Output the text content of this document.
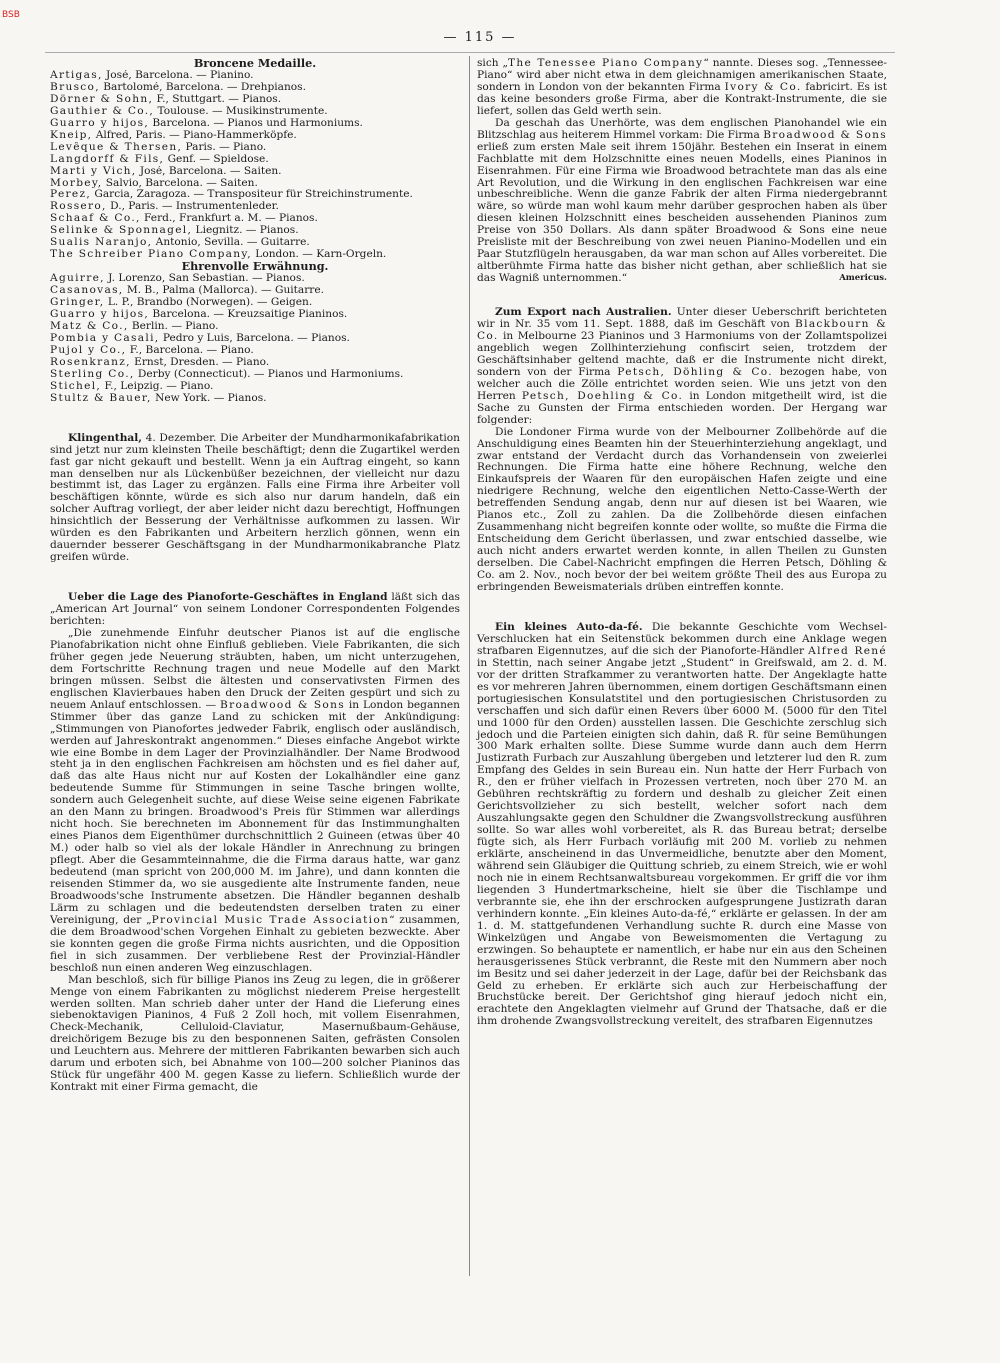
BSB
— 115 —
Broncene Medaille.
Artigas, José, Barcelona. — Pianino.
Brusco, Bartolomé, Barcelona. — Drehpianos.
Dörner & Sohn, F., Stuttgart. — Pianos.
Gauthier & Co., Toulouse. — Musikinstrumente.
Guarro y hijos, Barcelona. — Pianos und Harmoniums.
Kneip, Alfred, Paris. — Piano-Hammerköpfe.
Levêque & Thersen, Paris. — Piano.
Langdorff & Fils, Genf. — Spieldose.
Marti y Vich, José, Barcelona. — Saiten.
Morbey, Salvio, Barcelona. — Saiten.
Perez, Garcia, Zaragoza. — Transpositeur für Streichinstrumente.
Rossero, D., Paris. — Instrumentenleder.
Schaaf & Co., Ferd., Frankfurt a. M. — Pianos.
Selinke & Sponnagel, Liegnitz. — Pianos.
Sualis Naranjo, Antonio, Sevilla. — Guitarre.
The Schreiber Piano Company, London. — Karn-Orgeln.
Ehrenvolle Erwähnung.
Aguirre, J. Lorenzo, San Sebastian. — Pianos.
Casanovas, M. B., Palma (Mallorca). — Guitarre.
Gringer, L. P., Brandbo (Norwegen). — Geigen.
Guarro y hijos, Barcelona. — Kreuzsaitige Pianinos.
Matz & Co., Berlin. — Piano.
Pombia y Casali, Pedro y Luis, Barcelona. — Pianos.
Pujol y Co., F., Barcelona. — Piano.
Rosenkranz, Ernst, Dresden. — Piano.
Sterling Co., Derby (Connecticut). — Pianos und Harmoniums.
Stichel, F., Leipzig. — Piano.
Stultz & Bauer, New York. — Pianos.

Klingenthal, 4. Dezember. Die Arbeiter der Mundharmonikafabrikation sind jetzt nur zum kleinsten Theile beschäftigt; denn die Zugartikel werden fast gar nicht gekauft und bestellt. Wenn ja ein Auftrag eingeht, so kann man denselben nur als Lückenbüßer bezeichnen, der vielleicht nur dazu bestimmt ist, das Lager zu ergänzen. Falls eine Firma ihre Arbeiter voll beschäftigen könnte, würde es sich also nur darum handeln, daß ein solcher Auftrag vorliegt, der aber leider nicht dazu berechtigt, Hoffnungen hinsichtlich der Besserung der Verhältnisse aufkommen zu lassen. Wir würden es den Fabrikanten und Arbeitern herzlich gönnen, wenn ein dauernder besserer Geschäftsgang in der Mundharmonikabranche Platz greifen würde.

Ueber die Lage des Pianoforte-Geschäftes in England läßt sich das „American Art Journal“ von seinem Londoner Correspondenten Folgendes berichten:

„Die zunehmende Einfuhr deutscher Pianos ist auf die englische Pianofabrikation nicht ohne Einfluß geblieben. Viele Fabrikanten, die sich früher gegen jede Neuerung sträubten, haben, um nicht unterzugehen, dem Fortschritte Rechnung tragen und neue Modelle auf den Markt bringen müssen. Selbst die ältesten und conservativsten Firmen des englischen Klavierbaues haben den Druck der Zeiten gespürt und sich zu neuem Anlauf entschlossen. — Broadwood & Sons in London begannen Stimmer über das ganze Land zu schicken mit der Ankündigung: „Stimmungen von Pianofortes jedweder Fabrik, englisch oder ausländisch, werden auf Jahreskontrakt angenommen.“ Dieses einfache Angebot wirkte wie eine Bombe in dem Lager der Provinzialhändler. Der Name Brodwood steht ja in den englischen Fachkreisen am höchsten und es fiel daher auf, daß das alte Haus nicht nur auf Kosten der Lokalhändler eine ganz bedeutende Summe für Stimmungen in seine Tasche bringen wollte, sondern auch Gelegenheit suchte, auf diese Weise seine eigenen Fabrikate an den Mann zu bringen. Broadwood's Preis für Stimmen war allerdings nicht hoch. Sie berechneten im Abonnement für das Instimmunghalten eines Pianos dem Eigenthümer durchschnittlich 2 Guineen (etwas über 40 M.) oder halb so viel als der lokale Händler in Anrechnung zu bringen pflegt. Aber die Gesammteinnahme, die die Firma daraus hatte, war ganz bedeutend (man spricht von 200,000 M. im Jahre), und dann konnten die reisenden Stimmer da, wo sie ausgediente alte Instrumente fanden, neue Broadwoods'sche Instrumente absetzen. Die Händler begannen deshalb Lärm zu schlagen und die bedeutendsten derselben traten zu einer Vereinigung, der „Provincial Music Trade Association“ zusammen, die dem Broadwood'schen Vorgehen Einhalt zu gebieten bezweckte. Aber sie konnten gegen die große Firma nichts ausrichten, und die Opposition fiel in sich zusammen. Der verbliebene Rest der Provinzial-Händler beschloß nun einen anderen Weg einzuschlagen.

Man beschloß, sich für billige Pianos ins Zeug zu legen, die in größerer Menge von einem Fabrikanten zu möglichst niederem Preise hergestellt werden sollten. Man schrieb daher unter der Hand die Lieferung eines siebenoktavigen Pianinos, 4 Fuß 2 Zoll hoch, mit vollem Eisenrahmen, Check-Mechanik, Celluloid-Claviatur, Masernußbaum-Gehäuse, dreichörigem Bezuge bis zu den besponnenen Saiten, gefrästen Consolen und Leuchtern aus. Mehrere der mittleren Fabrikanten bewarben sich auch darum und erboten sich, bei Abnahme von 100—200 solcher Pianinos das Stück für ungefähr 400 M. gegen Kasse zu liefern. Schließlich wurde der Kontrakt mit einer Firma gemacht, die

sich „The Tenessee Piano Company“ nannte. Dieses sog. „Tennessee-Piano“ wird aber nicht etwa in dem gleichnamigen amerikanischen Staate, sondern in London von der bekannten Firma Ivory & Co. fabricirt. Es ist das keine besonders große Firma, aber die Kontrakt-Instrumente, die sie liefert, sollen das Geld werth sein.

Da geschah das Unerhörte, was dem englischen Pianohandel wie ein Blitzschlag aus heiterem Himmel vorkam: Die Firma Broadwood & Sons erließ zum ersten Male seit ihrem 150jähr. Bestehen ein Inserat in einem Fachblatte mit dem Holzschnitte eines neuen Modells, eines Pianinos in Eisenrahmen. Für eine Firma wie Broadwood betrachtete man das als eine Art Revolution, und die Wirkung in den englischen Fachkreisen war eine unbeschreibliche. Wenn die ganze Fabrik der alten Firma niedergebrannt wäre, so würde man wohl kaum mehr darüber gesprochen haben als über diesen kleinen Holzschnitt eines bescheiden aussehenden Pianinos zum Preise von 350 Dollars. Als dann später Broadwood & Sons eine neue Preisliste mit der Beschreibung von zwei neuen Pianino-Modellen und ein Paar Stutzflügeln herausgaben, da war man schon auf Alles vorbereitet. Die altberühmte Firma hatte das bisher nicht gethan, aber schließlich hat sie das Wagniß unternommen.“	Americus.

Zum Export nach Australien. Unter dieser Ueberschrift berichteten wir in Nr. 35 vom 11. Sept. 1888, daß im Geschäft von Blackbourn & Co. in Melbourne 23 Pianinos und 3 Harmoniums von der Zollamtspolizei angeblich wegen Zollhinterziehung confiscirt seien, trotzdem der Geschäftsinhaber geltend machte, daß er die Instrumente nicht direkt, sondern von der Firma Petsch, Döhling & Co. bezogen habe, von welcher auch die Zölle entrichtet worden seien. Wie uns jetzt von den Herren Petsch, Doehling & Co. in London mitgetheilt wird, ist die Sache zu Gunsten der Firma entschieden worden. Der Hergang war folgender:

Die Londoner Firma wurde von der Melbourner Zollbehörde auf die Anschuldigung eines Beamten hin der Steuerhinterziehung angeklagt, und zwar entstand der Verdacht durch das Vorhandensein von zweierlei Rechnungen. Die Firma hatte eine höhere Rechnung, welche den Einkaufspreis der Waaren für den europäischen Hafen zeigte und eine niedrigere Rechnung, welche den eigentlichen Netto-Casse-Werth der betreffenden Sendung angab, denn nur auf diesen ist bei Waaren, wie Pianos etc., Zoll zu zahlen. Da die Zollbehörde diesen einfachen Zusammenhang nicht begreifen konnte oder wollte, so mußte die Firma die Entscheidung dem Gericht überlassen, und zwar entschied dasselbe, wie auch nicht anders erwartet werden konnte, in allen Theilen zu Gunsten derselben. Die Cabel-Nachricht empfingen die Herren Petsch, Döhling & Co. am 2. Nov., noch bevor der bei weitem größte Theil des aus Europa zu erbringenden Beweismaterials drüben eintreffen konnte.

Ein kleines Auto-da-fé. Die bekannte Geschichte vom Wechsel-Verschlucken hat ein Seitenstück bekommen durch eine Anklage wegen strafbaren Eigennutzes, auf die sich der Pianoforte-Händler Alfred René in Stettin, nach seiner Angabe jetzt „Student“ in Greifswald, am 2. d. M. vor der dritten Strafkammer zu verantworten hatte. Der Angeklagte hatte es vor mehreren Jahren übernommen, einem dortigen Geschäftsmann einen portugiesischen Konsulatstitel und den portugiesischen Christusorden zu verschaffen und sich dafür einen Revers über 6000 M. (5000 für den Titel und 1000 für den Orden) ausstellen lassen. Die Geschichte zerschlug sich jedoch und die Parteien einigten sich dahin, daß R. für seine Bemühungen 300 Mark erhalten sollte. Diese Summe wurde dann auch dem Herrn Justizrath Furbach zur Auszahlung übergeben und letzterer lud den R. zum Empfang des Geldes in sein Bureau ein. Nun hatte der Herr Furbach von R., den er früher vielfach in Prozessen vertreten, noch über 270 M. an Gebühren rechtskräftig zu fordern und deshalb zu gleicher Zeit einen Gerichtsvollzieher zu sich bestellt, welcher sofort nach dem Auszahlungsakte gegen den Schuldner die Zwangsvollstreckung ausführen sollte. So war alles wohl vorbereitet, als R. das Bureau betrat; derselbe fügte sich, als Herr Furbach vorläufig mit 200 M. vorlieb zu nehmen erklärte, anscheinend in das Unvermeidliche, benutzte aber den Moment, während sein Gläubiger die Quittung schrieb, zu einem Streich, wie er wohl noch nie in einem Rechtsanwaltsbureau vorgekommen. Er griff die vor ihm liegenden 3 Hundertmarkscheine, hielt sie über die Tischlampe und verbrannte sie, ehe ihn der erschrocken aufgesprungene Justizrath daran verhindern konnte. „Ein kleines Auto-da-fé,“ erklärte er gelassen. In der am 1. d. M. stattgefundenen Verhandlung suchte R. durch eine Masse von Winkelzügen und Angabe von Beweismomenten die Vertagung zu erzwingen. So behauptete er namentlich, er habe nur ein aus den Scheinen herausgerissenes Stück verbrannt, die Reste mit den Nummern aber noch im Besitz und sei daher jederzeit in der Lage, dafür bei der Reichsbank das Geld zu erheben. Er erklärte sich auch zur Herbeischaffung der Bruchstücke bereit. Der Gerichtshof ging hierauf jedoch nicht ein, erachtete den Angeklagten vielmehr auf Grund der Thatsache, daß er die ihm drohende Zwangsvollstreckung vereitelt, des strafbaren Eigennutzes
